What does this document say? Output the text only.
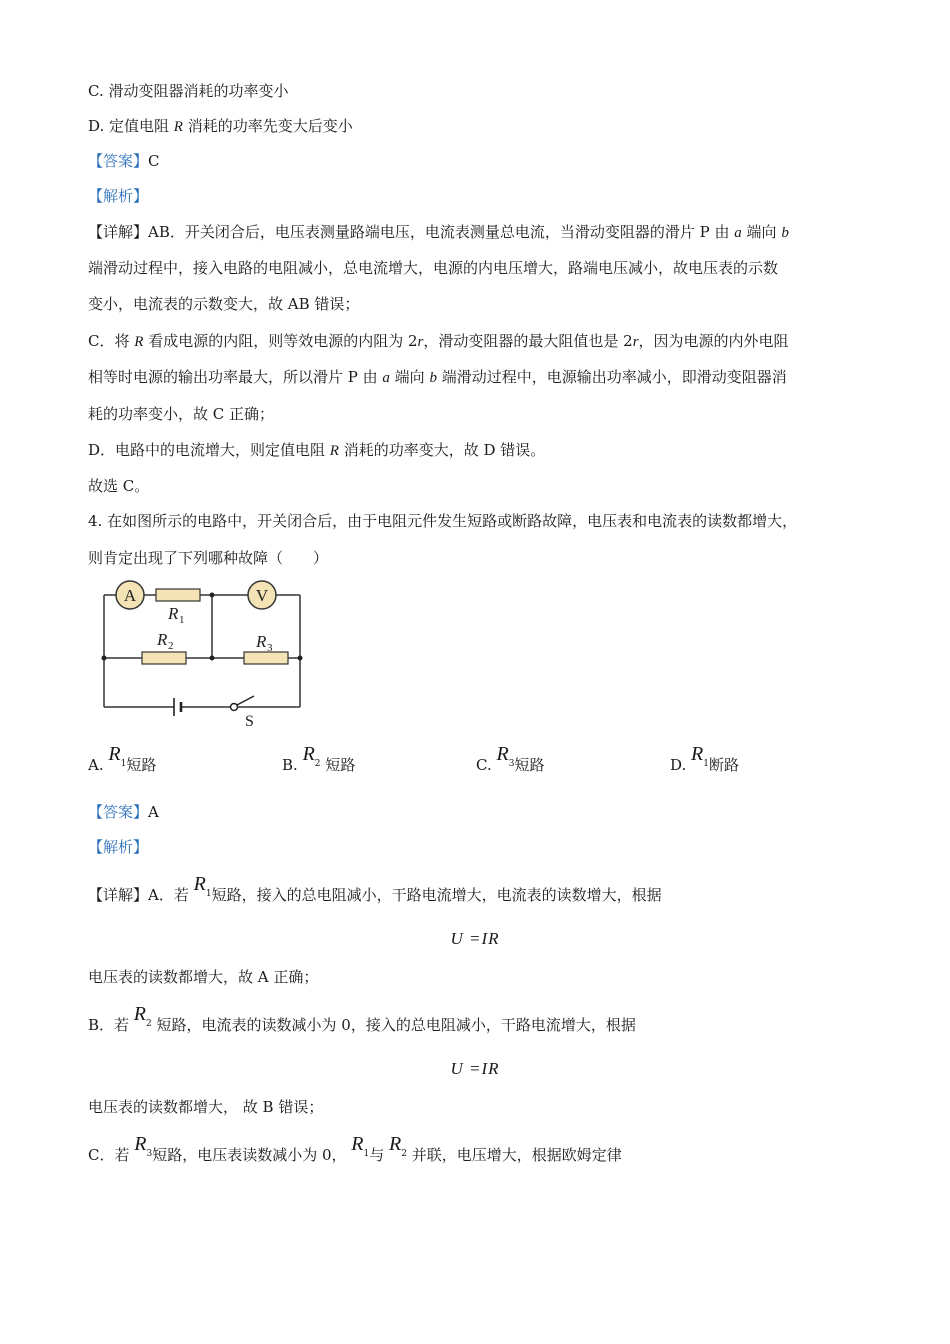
C. 滑动变阻器消耗的功率变小
D. 定值电阻 R 消耗的功率先变大后变小
【答案】C
【解析】
【详解】AB．开关闭合后，电压表测量路端电压，电流表测量总电流，当滑动变阻器的滑片 P 由 a 端向 b
端滑动过程中，接入电路的电阻减小，总电流增大，电源的内电压增大，路端电压减小，故电压表的示数
变小，电流表的示数变大，故 AB 错误；
C．将 R 看成电源的内阻，则等效电源的内阻为 2r，滑动变阻器的最大阻值也是 2r，因为电源的内外电阻
相等时电源的输出功率最大，所以滑片 P 由 a 端向 b 端滑动过程中，电源输出功率减小，即滑动变阻器消
耗的功率变小，故 C 正确；
D．电路中的电流增大，则定值电阻 R 消耗的功率变大，故 D 错误。
故选 C。
4. 在如图所示的电路中，开关闭合后，由于电阻元件发生短路或断路故障，电压表和电流表的读数都增大，
则肯定出现了下列哪种故障（　　）
A	V
R 1
R 2	R 3
S
A. $R^1$短路	B. $R^2$ 短路	C. $R^3$短路	D. $R^1$断路
【答案】A
【解析】
【详解】A．若 $R^1$短路，接入的总电阻减小，干路电流增大，电流表的读数增大，根据
U =IR
电压表的读数都增大，故 A 正确；
B．若 $R^2$ 短路，电流表的读数减小为 0，接入的总电阻减小，干路电流增大，根据
U =IR
电压表的读数都增大， 故 B 错误；
C．若 $R^3$短路，电压表读数减小为 0， $R^1$与 $R^2$ 并联，电压增大，根据欧姆定律
